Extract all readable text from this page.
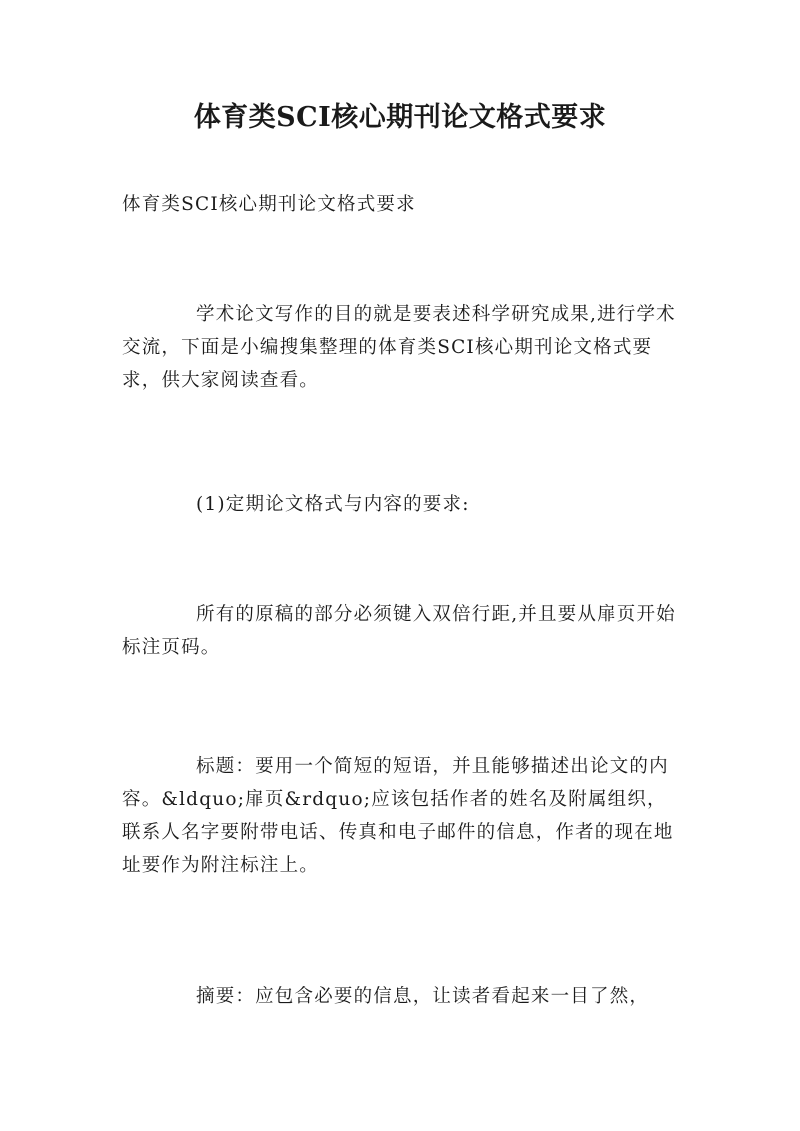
体育类SCI核心期刊论文格式要求

体育类SCI核心期刊论文格式要求

学术论文写作的目的就是要表述科学研究成果,进行学术交流，下面是小编搜集整理的体育类SCI核心期刊论文格式要求，供大家阅读查看。

(1)定期论文格式与内容的要求:

所有的原稿的部分必须键入双倍行距,并且要从扉页开始标注页码。

标题：要用一个简短的短语，并且能够描述出论文的内容。&ldquo;扉页&rdquo;应该包括作者的姓名及附属组织，联系人名字要附带电话、传真和电子邮件的信息，作者的现在地址要作为附注标注上。

摘要：应包含必要的信息，让读者看起来一目了然，
